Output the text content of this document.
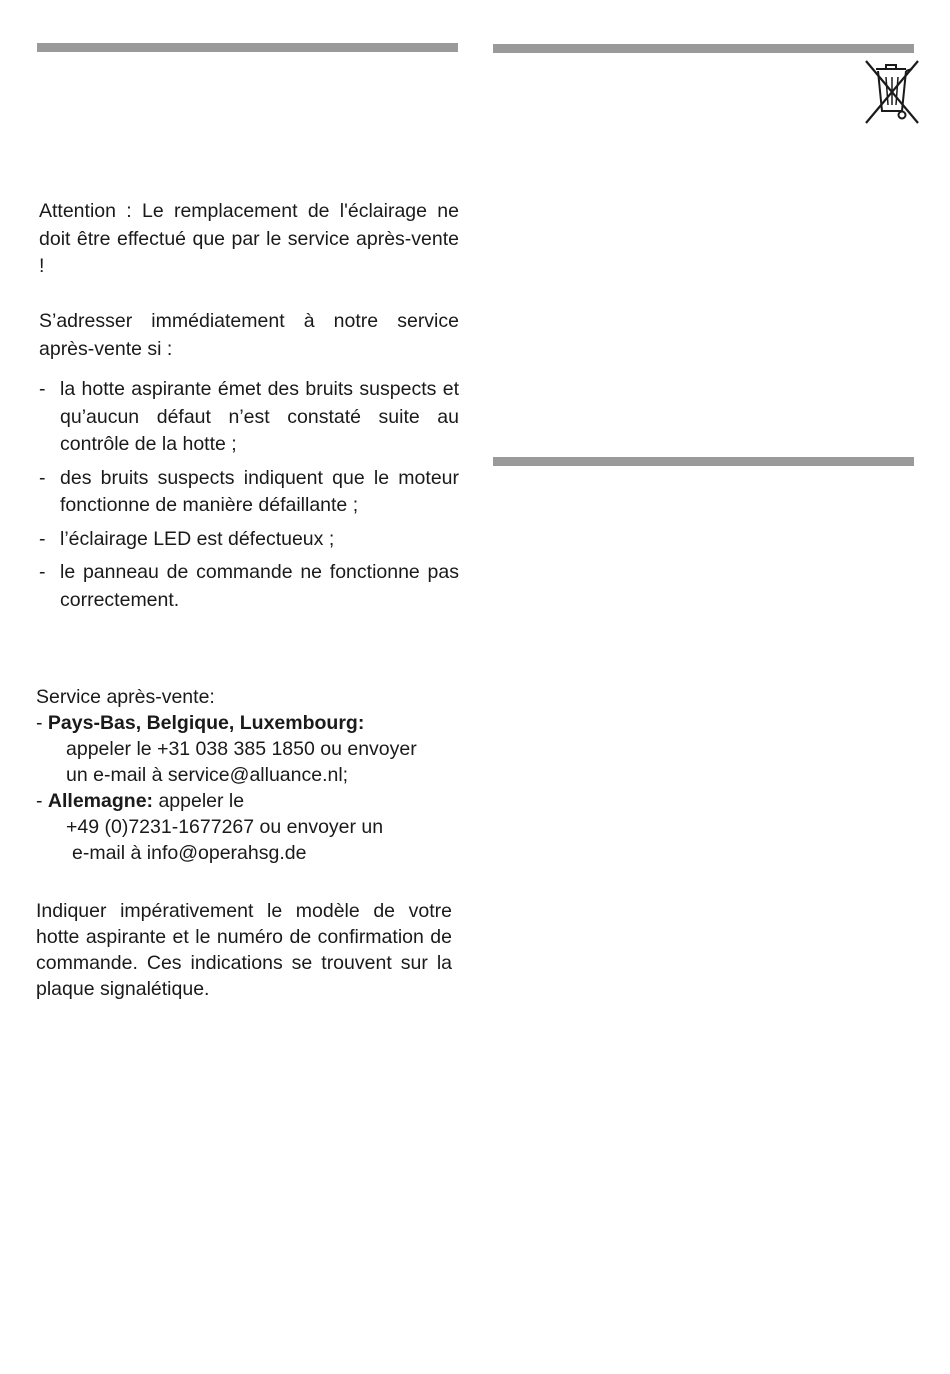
Attention : Le remplacement de l'éclairage ne doit être effectué que par le service après-vente !

S’adresser immédiatement à notre service après-vente si :

- la hotte aspirante émet des bruits suspects et qu’aucun défaut n’est constaté suite au contrôle de la hotte ;
- des bruits suspects indiquent que le moteur fonctionne de manière défaillante ;
- l’éclairage LED est défectueux ;
- le panneau de commande ne fonctionne pas correctement.
Service après-vente:
- Pays-Bas, Belgique, Luxembourg:
appeler le +31 038 385 1850 ou envoyer
un e-mail à service@alluance.nl;
- Allemagne: appeler le
+49 (0)7231-1677267 ou envoyer un
e-mail à info@operahsg.de

Indiquer impérativement le modèle de votre hotte aspirante et le numéro de confirmation de commande. Ces indications se trouvent sur la plaque signalétique.
